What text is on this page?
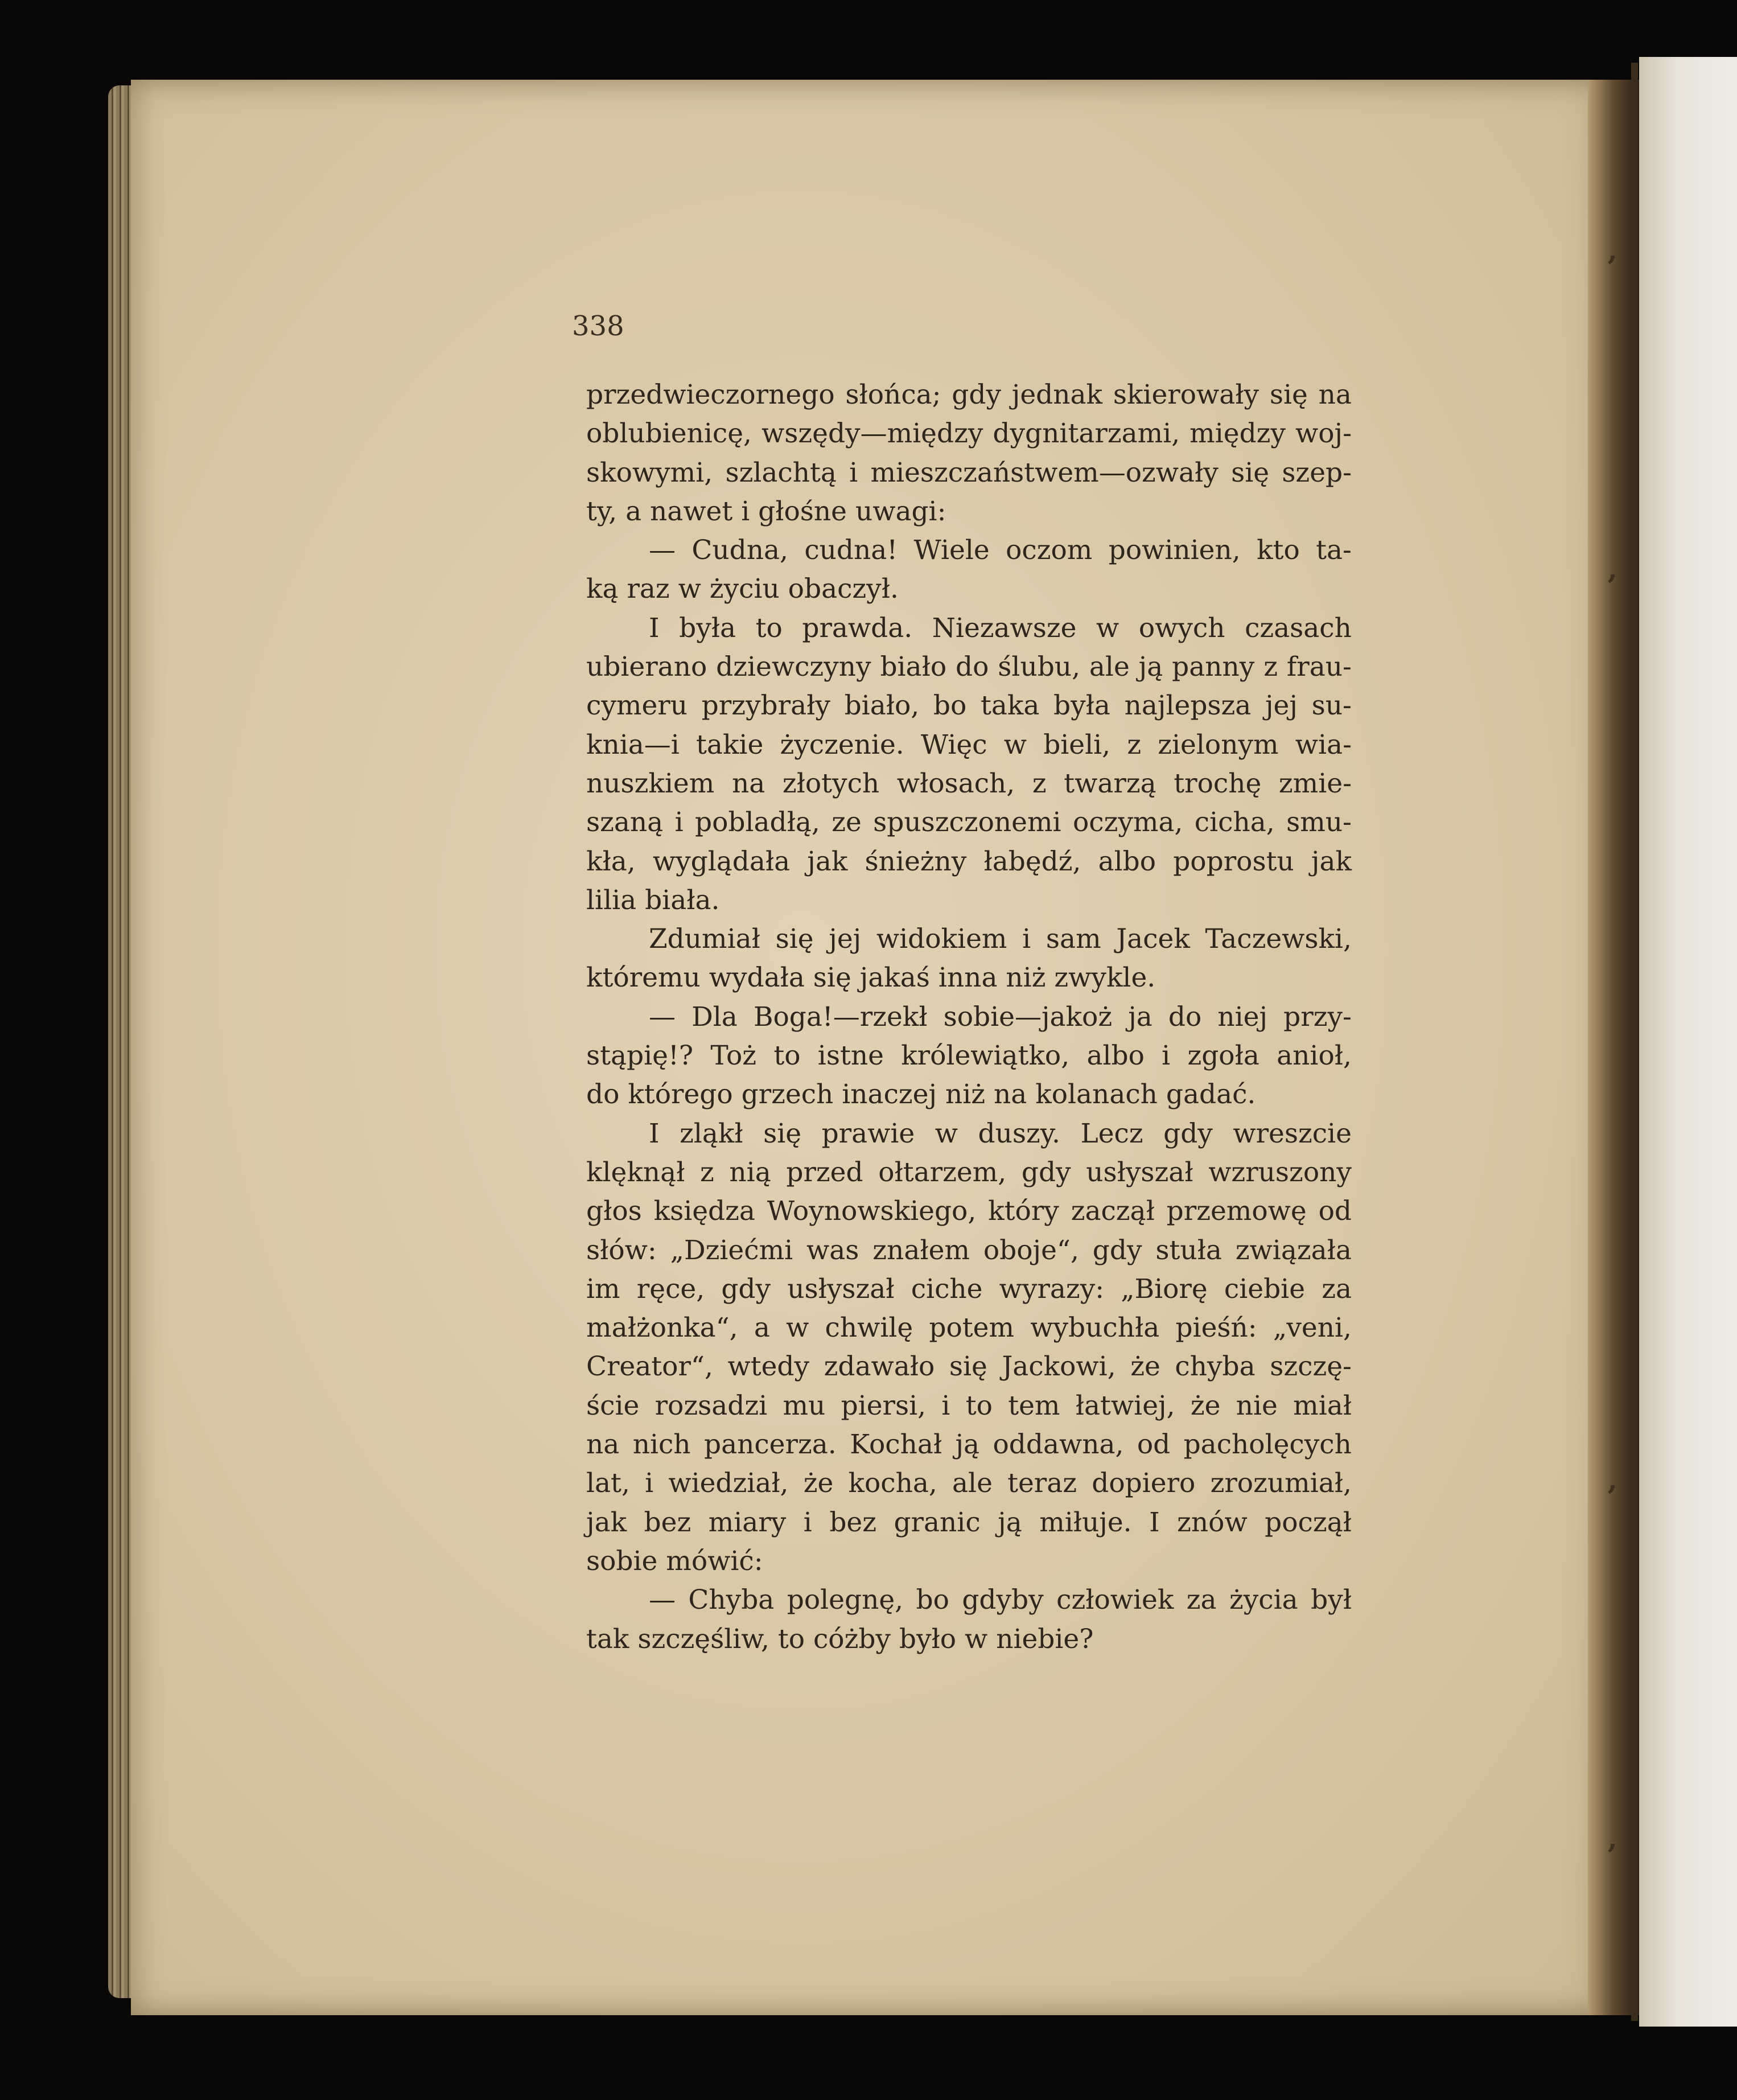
ʼ
ʼ
ʼ
ʼ
338
przedwieczornego słońca; gdy jednak skierowały się na
oblubienicę, wszędy—między dygnitarzami, między woj-
skowymi, szlachtą i mieszczaństwem—ozwały się szep-
ty, a nawet i głośne uwagi:
— Cudna, cudna! Wiele oczom powinien, kto ta-
ką raz w życiu obaczył.
I była to prawda. Niezawsze w owych czasach
ubierano dziewczyny biało do ślubu, ale ją panny z frau-
cymeru przybrały biało, bo taka była najlepsza jej su-
knia—i takie życzenie. Więc w bieli, z zielonym wia-
nuszkiem na złotych włosach, z twarzą trochę zmie-
szaną i pobladłą, ze spuszczonemi oczyma, cicha, smu-
kła, wyglądała jak śnieżny łabędź, albo poprostu jak
lilia biała.
Zdumiał się jej widokiem i sam Jacek Taczewski,
któremu wydała się jakaś inna niż zwykle.
— Dla Boga!—rzekł sobie—jakoż ja do niej przy-
stąpię!? Toż to istne królewiątko, albo i zgoła anioł,
do którego grzech inaczej niż na kolanach gadać.
I zląkł się prawie w duszy. Lecz gdy wreszcie
klęknął z nią przed ołtarzem, gdy usłyszał wzruszony
głos księdza Woynowskiego, który zaczął przemowę od
słów: „Dziećmi was znałem oboje“, gdy stuła związała
im ręce, gdy usłyszał ciche wyrazy: „Biorę ciebie za
małżonka“, a w chwilę potem wybuchła pieśń: „veni,
Creator“, wtedy zdawało się Jackowi, że chyba szczę-
ście rozsadzi mu piersi, i to tem łatwiej, że nie miał
na nich pancerza. Kochał ją oddawna, od pacholęcych
lat, i wiedział, że kocha, ale teraz dopiero zrozumiał,
jak bez miary i bez granic ją miłuje. I znów począł
sobie mówić:
— Chyba polegnę, bo gdyby człowiek za życia był
tak szczęśliw, to cóżby było w niebie?
